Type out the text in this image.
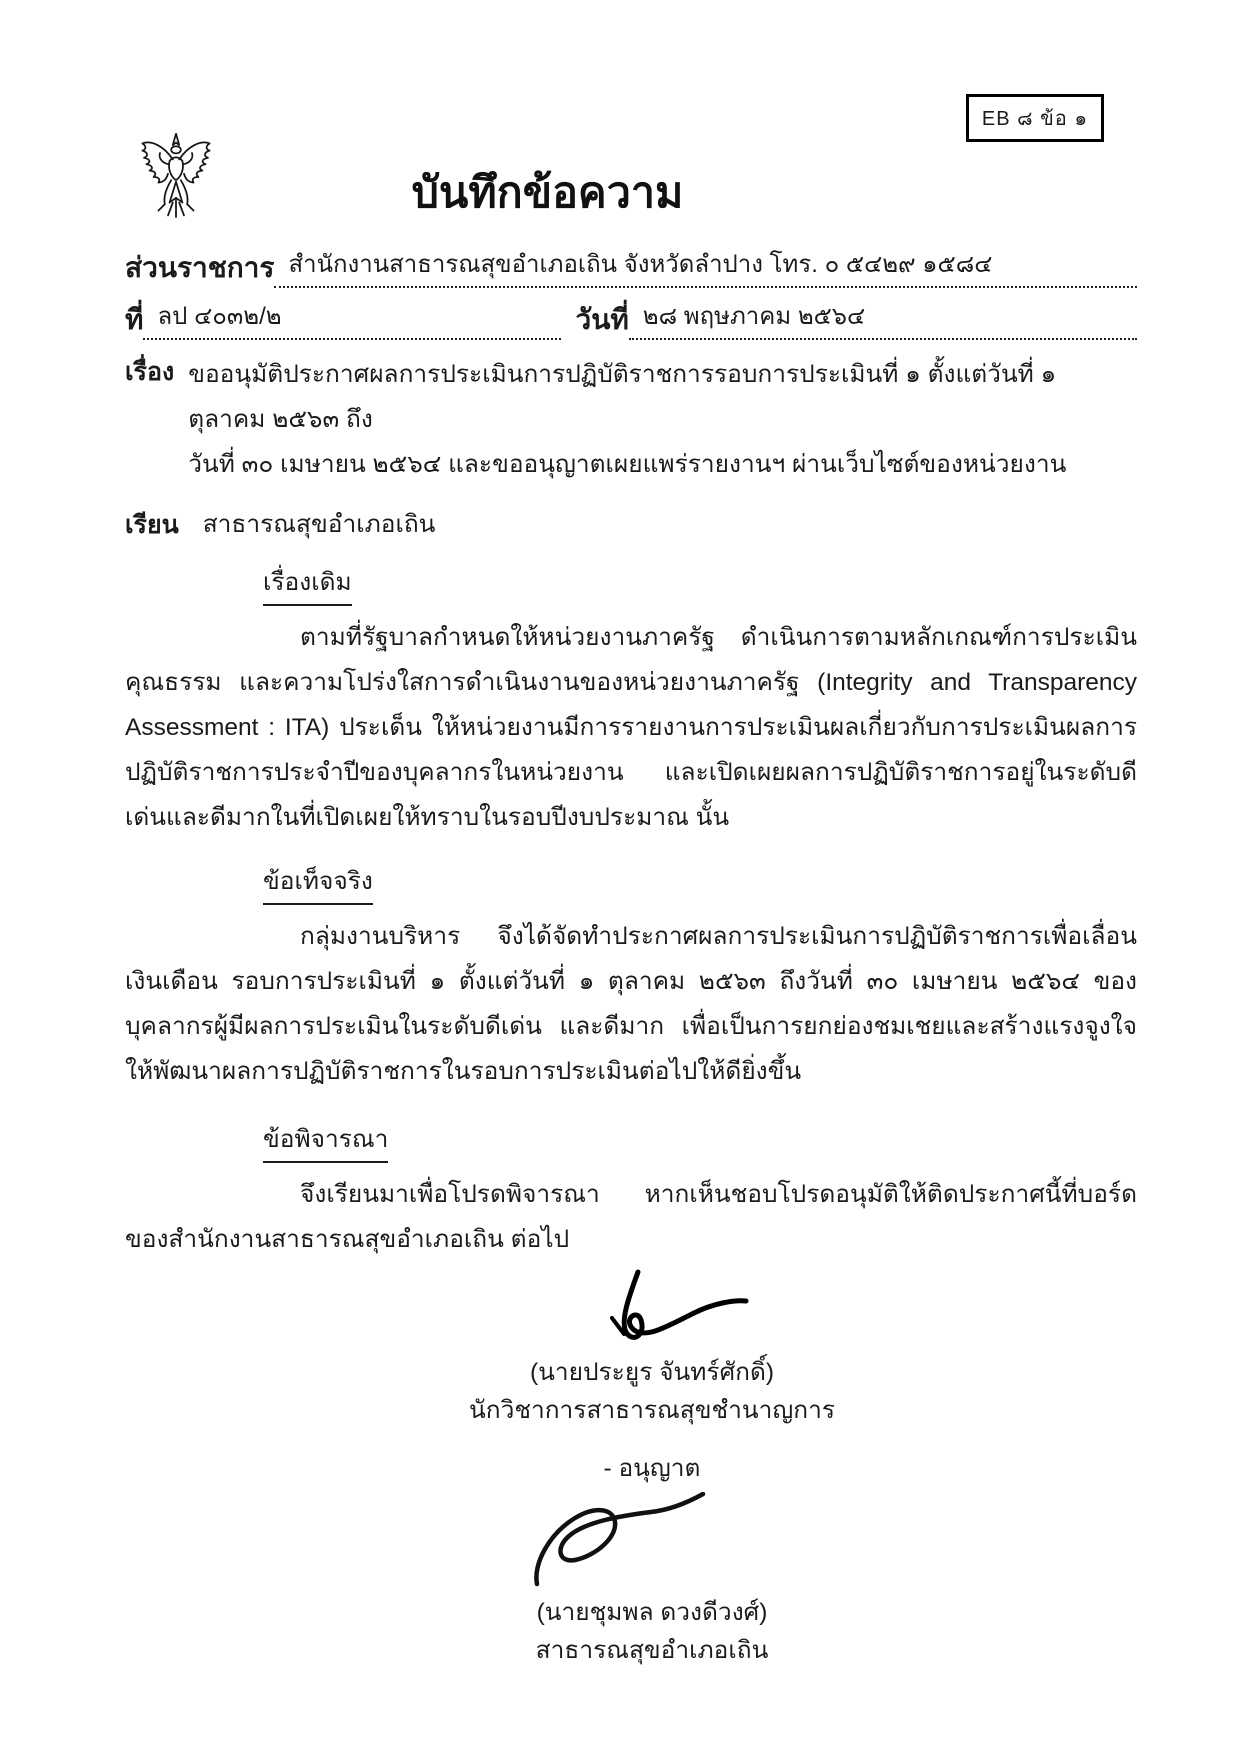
EB ๘ ข้อ ๑
บันทึกข้อความ
ส่วนราชการ สำนักงานสาธารณสุขอำเภอเถิน จังหวัดลำปาง โทร. ๐ ๕๔๒๙ ๑๕๘๔
ที่ ลป ๔๐๓๒/๒	วันที่ ๒๘ พฤษภาคม ๒๕๖๔
เรื่อง ขออนุมัติประกาศผลการประเมินการปฏิบัติราชการรอบการประเมินที่ ๑ ตั้งแต่วันที่ ๑ ตุลาคม ๒๕๖๓ ถึง
วันที่ ๓๐ เมษายน ๒๕๖๔ และขออนุญาตเผยแพร่รายงานฯ ผ่านเว็บไซต์ของหน่วยงาน
เรียน สาธารณสุขอำเภอเถิน
เรื่องเดิม

ตามที่รัฐบาลกำหนดให้หน่วยงานภาครัฐ ดำเนินการตามหลักเกณฑ์การประเมินคุณธรรม และความโปร่งใสการดำเนินงานของหน่วยงานภาครัฐ (Integrity and Transparency Assessment : ITA) ประเด็น ให้หน่วยงานมีการรายงานการประเมินผลเกี่ยวกับการประเมินผลการปฏิบัติราชการประจำปีของบุคลากรในหน่วยงาน และเปิดเผยผลการปฏิบัติราชการอยู่ในระดับดีเด่นและดีมากในที่เปิดเผยให้ทราบในรอบปีงบประมาณ นั้น

ข้อเท็จจริง

กลุ่มงานบริหาร จึงได้จัดทำประกาศผลการประเมินการปฏิบัติราชการเพื่อเลื่อนเงินเดือน รอบการประเมินที่ ๑ ตั้งแต่วันที่ ๑ ตุลาคม ๒๕๖๓ ถึงวันที่ ๓๐ เมษายน ๒๕๖๔ ของบุคลากรผู้มีผลการประเมินในระดับดีเด่น และดีมาก เพื่อเป็นการยกย่องชมเชยและสร้างแรงจูงใจให้พัฒนาผลการปฏิบัติราชการในรอบการประเมินต่อไปให้ดียิ่งขึ้น

ข้อพิจารณา

จึงเรียนมาเพื่อโปรดพิจารณา หากเห็นชอบโปรดอนุมัติให้ติดประกาศนี้ที่บอร์ดของสำนักงานสาธารณสุขอำเภอเถิน ต่อไป

(นายประยูร จันทร์ศักดิ์)
นักวิชาการสาธารณสุขชำนาญการ
- อนุญาต
(นายชุมพล ดวงดีวงศ์)
สาธารณสุขอำเภอเถิน
